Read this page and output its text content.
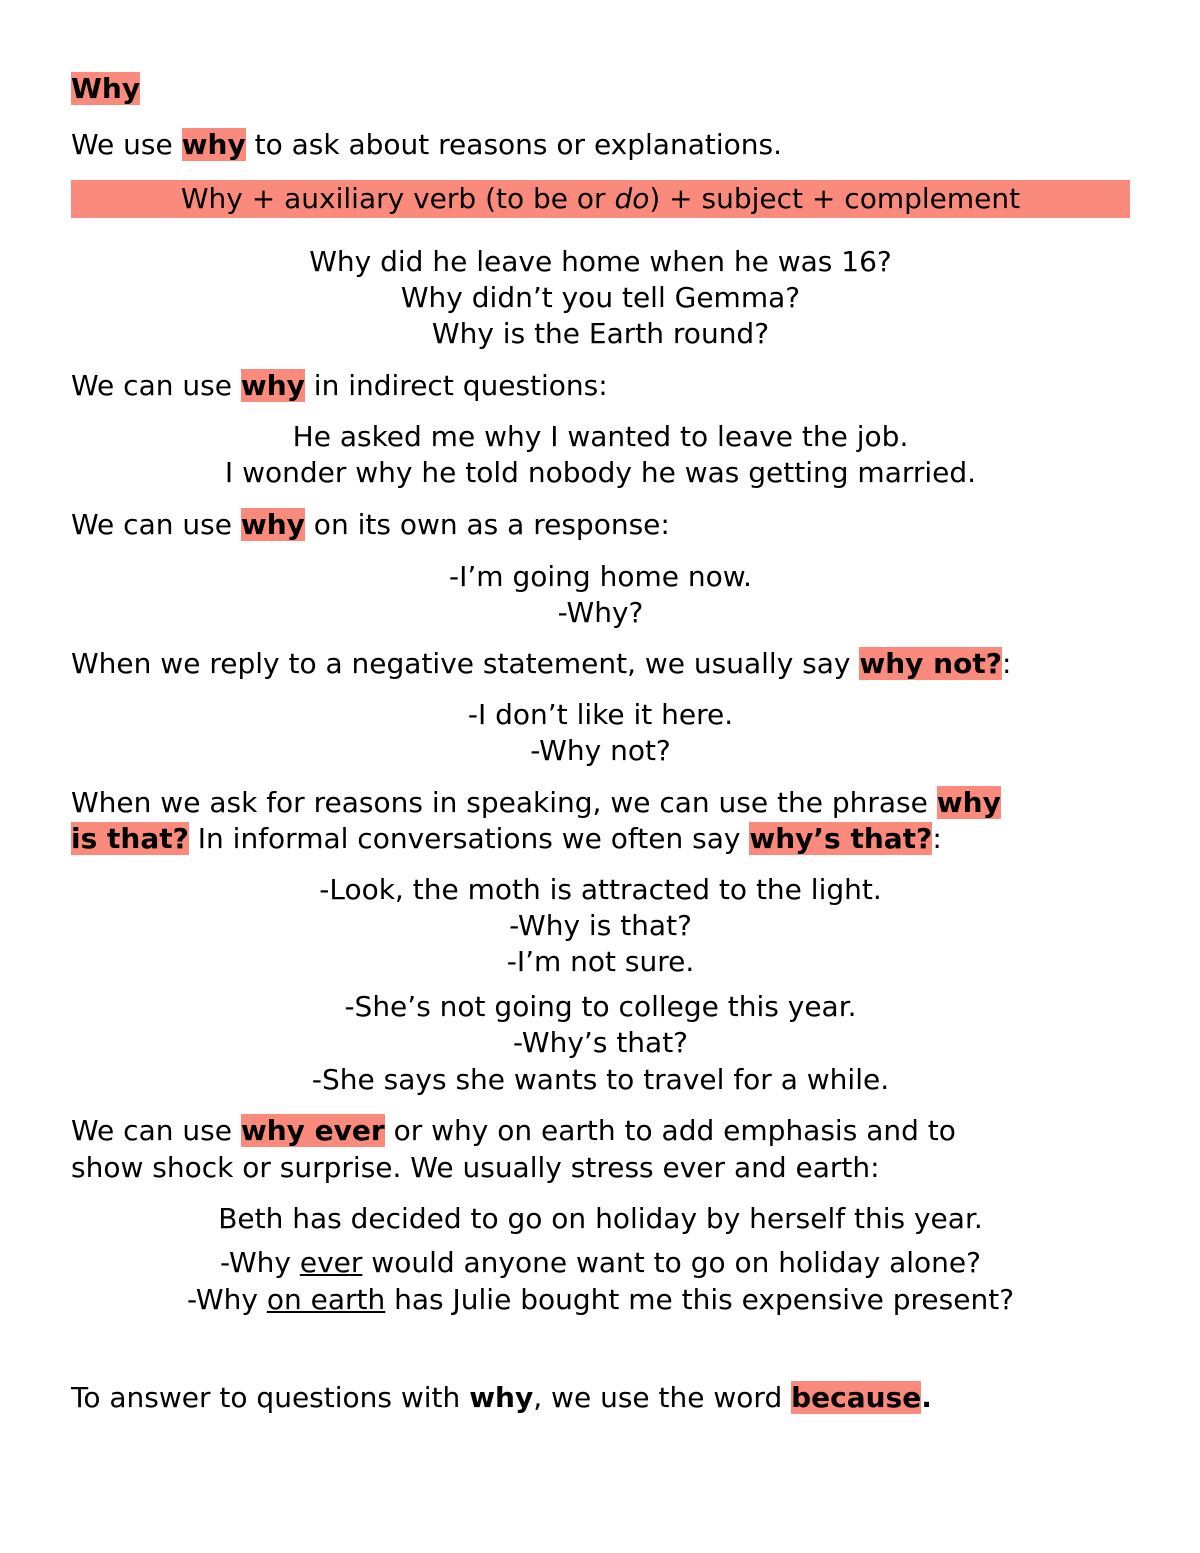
Why
We use why to ask about reasons or explanations.
Why + auxiliary verb (to be or do) + subject + complement
Why did he leave home when he was 16?
Why didn’t you tell Gemma?
Why is the Earth round?
We can use why in indirect questions:
He asked me why I wanted to leave the job.
I wonder why he told nobody he was getting married.
We can use why on its own as a response:
-I’m going home now.
-Why?
When we reply to a negative statement, we usually say why not?:
-I don’t like it here.
-Why not?
When we ask for reasons in speaking, we can use the phrase why
is that? In informal conversations we often say why’s that?:
-Look, the moth is attracted to the light.
-Why is that?
-I’m not sure.
-She’s not going to college this year.
-Why’s that?
-She says she wants to travel for a while.
We can use why ever or why on earth to add emphasis and to
show shock or surprise. We usually stress ever and earth:
Beth has decided to go on holiday by herself this year.
-Why ever would anyone want to go on holiday alone?
-Why on earth has Julie bought me this expensive present?
To answer to questions with why, we use the word because.
